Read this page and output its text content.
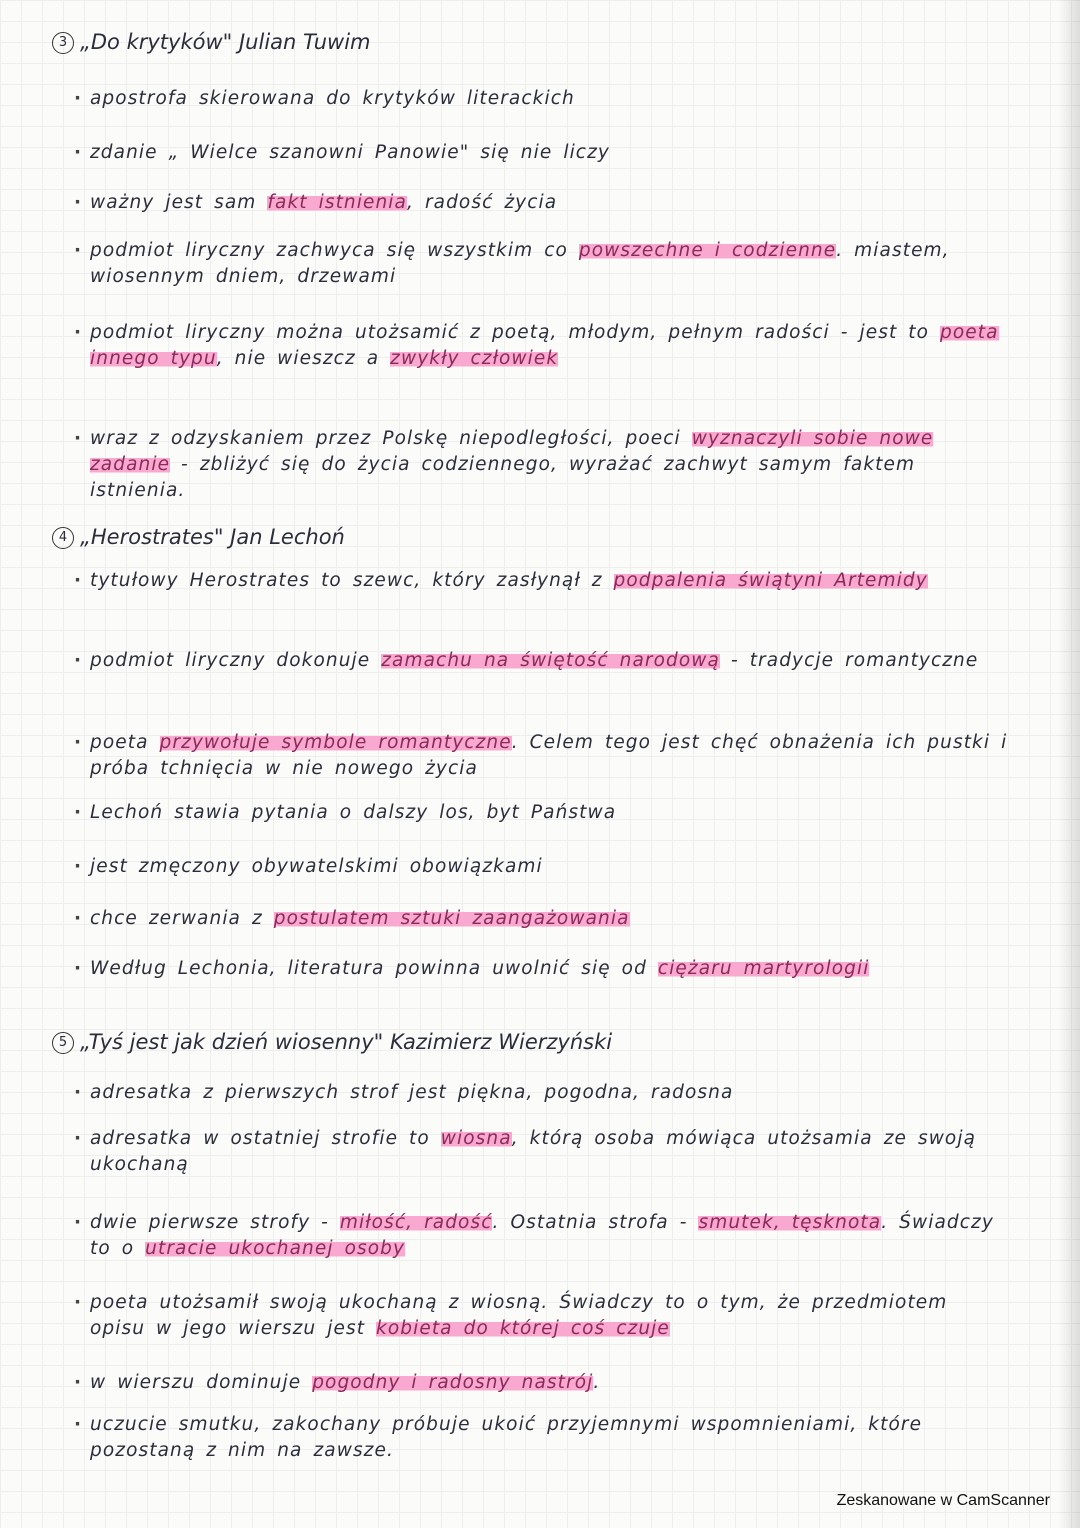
3 „Do krytyków" Julian Tuwim
· apostrofa skierowana do krytyków literackich
· zdanie „ Wielce szanowni Panowie" się nie liczy
· ważny jest sam fakt istnienia, radość życia
· podmiot liryczny zachwyca się wszystkim co powszechne i codzienne. miastem, wiosennym dniem, drzewami
· podmiot liryczny można utożsamić z poetą, młodym, pełnym radości - jest to poeta innego typu, nie wieszcz a zwykły człowiek
· wraz z odzyskaniem przez Polskę niepodległości, poeci wyznaczyli sobie nowe zadanie - zbliżyć się do życia codziennego, wyrażać zachwyt samym faktem istnienia.
4 „Herostrates" Jan Lechoń
· tytułowy Herostrates to szewc, który zasłynął z podpalenia świątyni Artemidy
· podmiot liryczny dokonuje zamachu na świętość narodową - tradycje romantyczne
· poeta przywołuje symbole romantyczne. Celem tego jest chęć obnażenia ich pustki i próba tchnięcia w nie nowego życia
· Lechoń stawia pytania o dalszy los, byt Państwa
· jest zmęczony obywatelskimi obowiązkami
· chce zerwania z postulatem sztuki zaangażowania
· Według Lechonia, literatura powinna uwolnić się od ciężaru martyrologii
5 „Tyś jest jak dzień wiosenny" Kazimierz Wierzyński
· adresatka z pierwszych strof jest piękna, pogodna, radosna
· adresatka w ostatniej strofie to wiosna, którą osoba mówiąca utożsamia ze swoją ukochaną
· dwie pierwsze strofy - miłość, radość. Ostatnia strofa - smutek, tęsknota. Świadczy to o utracie ukochanej osoby
· poeta utożsamił swoją ukochaną z wiosną. Świadczy to o tym, że przedmiotem opisu w jego wierszu jest kobieta do której coś czuje
· w wierszu dominuje pogodny i radosny nastrój.
· uczucie smutku, zakochany próbuje ukoić przyjemnymi wspomnieniami, które pozostaną z nim na zawsze.
Zeskanowane w CamScanner
